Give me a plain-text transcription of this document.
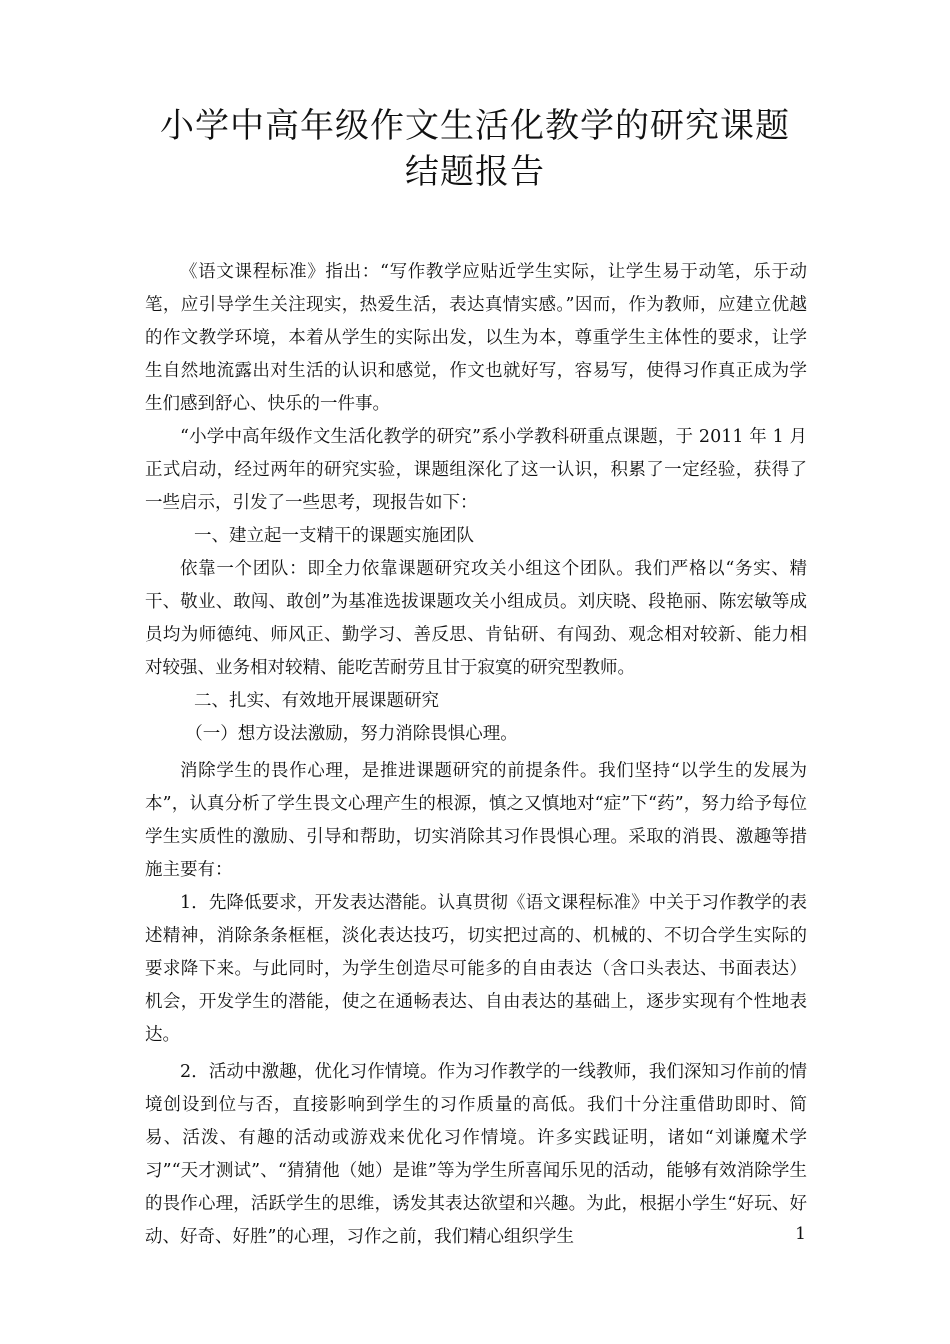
小学中高年级作文生活化教学的研究课题
结题报告

《语文课程标准》指出：“写作教学应贴近学生实际，让学生易于动笔，乐于动笔，应引导学生关注现实，热爱生活，表达真情实感。”因而，作为教师，应建立优越的作文教学环境，本着从学生的实际出发，以生为本，尊重学生主体性的要求，让学生自然地流露出对生活的认识和感觉，作文也就好写，容易写，使得习作真正成为学生们感到舒心、快乐的一件事。

“小学中高年级作文生活化教学的研究”系小学教科研重点课题，于 2011 年 1 月正式启动，经过两年的研究实验，课题组深化了这一认识，积累了一定经验，获得了一些启示，引发了一些思考，现报告如下：

一、建立起一支精干的课题实施团队

依靠一个团队：即全力依靠课题研究攻关小组这个团队。我们严格以“务实、精干、敬业、敢闯、敢创”为基准选拔课题攻关小组成员。刘庆晓、段艳丽、陈宏敏等成员均为师德纯、师风正、勤学习、善反思、肯钻研、有闯劲、观念相对较新、能力相对较强、业务相对较精、能吃苦耐劳且甘于寂寞的研究型教师。

二、扎实、有效地开展课题研究

（一）想方设法激励，努力消除畏惧心理。

消除学生的畏作心理，是推进课题研究的前提条件。我们坚持“以学生的发展为本”，认真分析了学生畏文心理产生的根源，慎之又慎地对“症”下“药”，努力给予每位学生实质性的激励、引导和帮助，切实消除其习作畏惧心理。采取的消畏、激趣等措施主要有：

1．先降低要求，开发表达潜能。认真贯彻《语文课程标准》中关于习作教学的表述精神，消除条条框框，淡化表达技巧，切实把过高的、机械的、不切合学生实际的要求降下来。与此同时，为学生创造尽可能多的自由表达（含口头表达、书面表达）机会，开发学生的潜能，使之在通畅表达、自由表达的基础上，逐步实现有个性地表达。

2．活动中激趣，优化习作情境。作为习作教学的一线教师，我们深知习作前的情境创设到位与否，直接影响到学生的习作质量的高低。我们十分注重借助即时、简易、活泼、有趣的活动或游戏来优化习作情境。许多实践证明，诸如“刘谦魔术学习”“天才测试”、“猜猜他（她）是谁”等为学生所喜闻乐见的活动，能够有效消除学生的畏作心理，活跃学生的思维，诱发其表达欲望和兴趣。为此，根据小学生“好玩、好动、好奇、好胜”的心理，习作之前，我们精心组织学生	1
